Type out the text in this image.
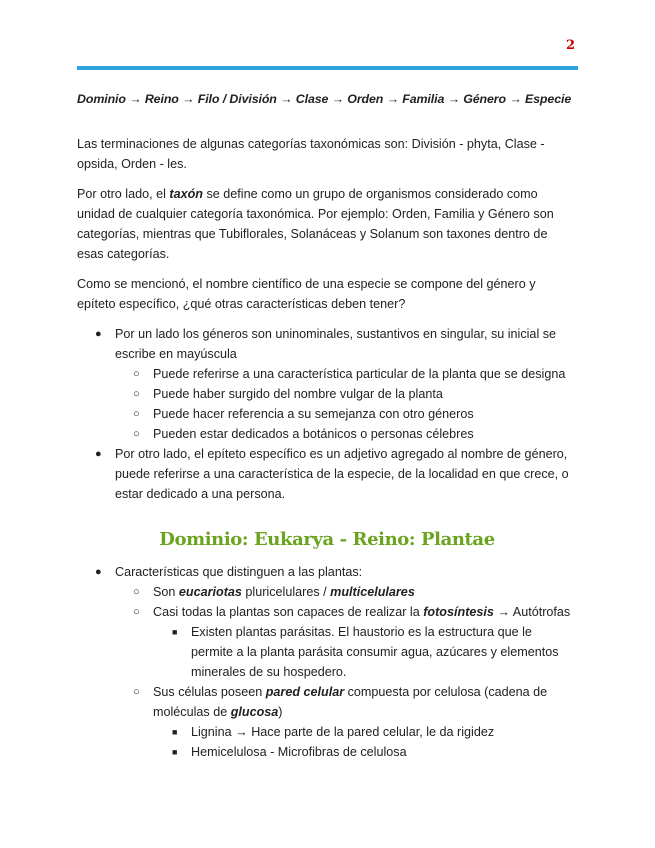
2
Dominio → Reino → Filo / División → Clase → Orden → Familia → Género → Especie

Las terminaciones de algunas categorías taxonómicas son: División - phyta, Clase - opsida, Orden - les.

Por otro lado, el taxón se define como un grupo de organismos considerado como unidad de cualquier categoría taxonómica. Por ejemplo: Orden, Familia y Género son categorías, mientras que Tubiflorales, Solanáceas y Solanum son taxones dentro de esas categorías.

Como se mencionó, el nombre científico de una especie se compone del género y epíteto específico, ¿qué otras características deben tener?

● Por un lado los géneros son uninominales, sustantivos en singular, su inicial se escribe en mayúscula
○ Puede referirse a una característica particular de la planta que se designa
○ Puede haber surgido del nombre vulgar de la planta
○ Puede hacer referencia a su semejanza con otro géneros
○ Pueden estar dedicados a botánicos o personas célebres
● Por otro lado, el epíteto específico es un adjetivo agregado al nombre de género, puede referirse a una característica de la especie, de la localidad en que crece, o estar dedicado a una persona.
Dominio: Eukarya - Reino: Plantae
● Características que distinguen a las plantas:
○ Son eucariotas pluricelulares / multicelulares
○ Casi todas la plantas son capaces de realizar la fotosíntesis → Autótrofas
■ Existen plantas parásitas. El haustorio es la estructura que le permite a la planta parásita consumir agua, azúcares y elementos minerales de su hospedero.
○ Sus células poseen pared celular compuesta por celulosa (cadena de moléculas de glucosa)
■ Lignina → Hace parte de la pared celular, le da rigidez
■ Hemicelulosa - Microfibras de celulosa
